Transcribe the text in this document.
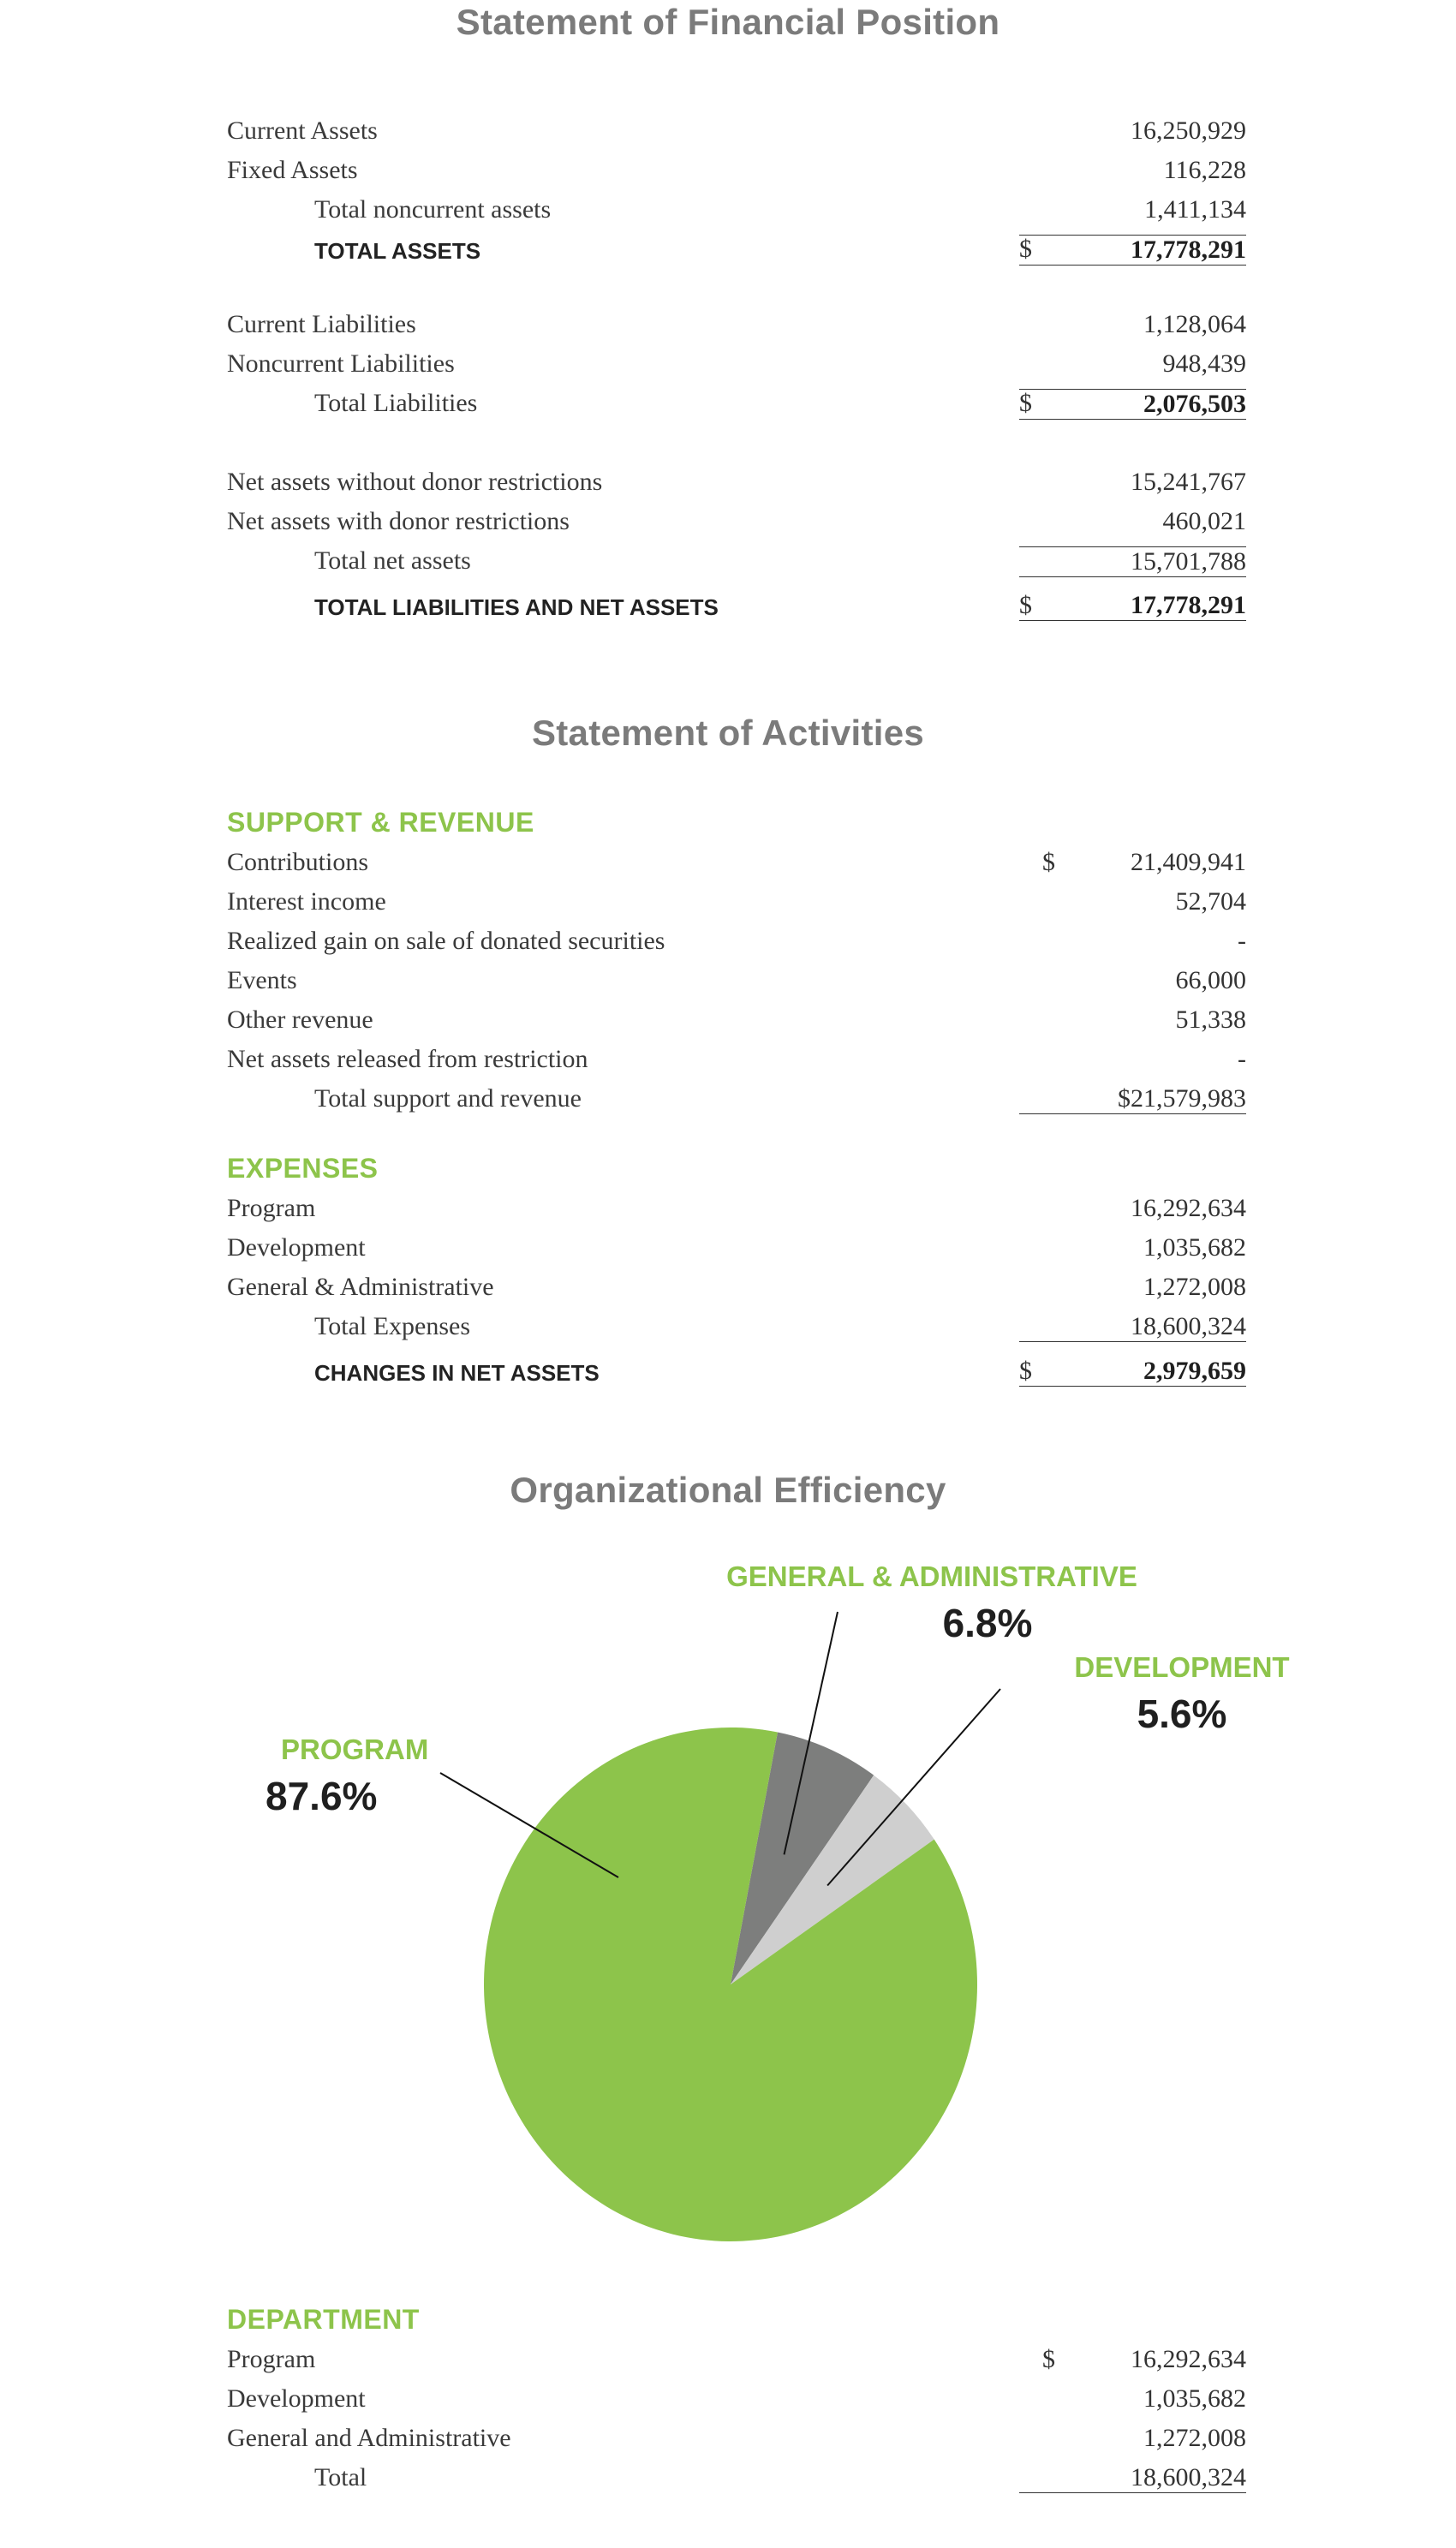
Statement of Financial Position
Current Assets	16,250,929
Fixed Assets	116,228
Total noncurrent assets	1,411,134
TOTAL ASSETS	$	17,778,291
Current Liabilities	1,128,064
Noncurrent Liabilities	948,439
Total Liabilities	$	2,076,503
Net assets without donor restrictions	15,241,767
Net assets with donor restrictions	460,021
Total net assets	15,701,788
TOTAL LIABILITIES AND NET ASSETS	$	17,778,291
Statement of Activities
SUPPORT & REVENUE
Contributions	$	21,409,941
Interest income	52,704
Realized gain on sale of donated securities	-
Events	66,000
Other revenue	51,338
Net assets released from restriction	-
Total support and revenue	$21,579,983
EXPENSES
Program	16,292,634
Development	1,035,682
General & Administrative	1,272,008
Total Expenses	18,600,324
CHANGES IN NET ASSETS	$	2,979,659
Organizational Efficiency
GENERAL & ADMINISTRATIVE
6.8%
DEVELOPMENT
5.6%
PROGRAM
87.6%
DEPARTMENT
Program	$	16,292,634
Development	1,035,682
General and Administrative	1,272,008
Total	18,600,324
